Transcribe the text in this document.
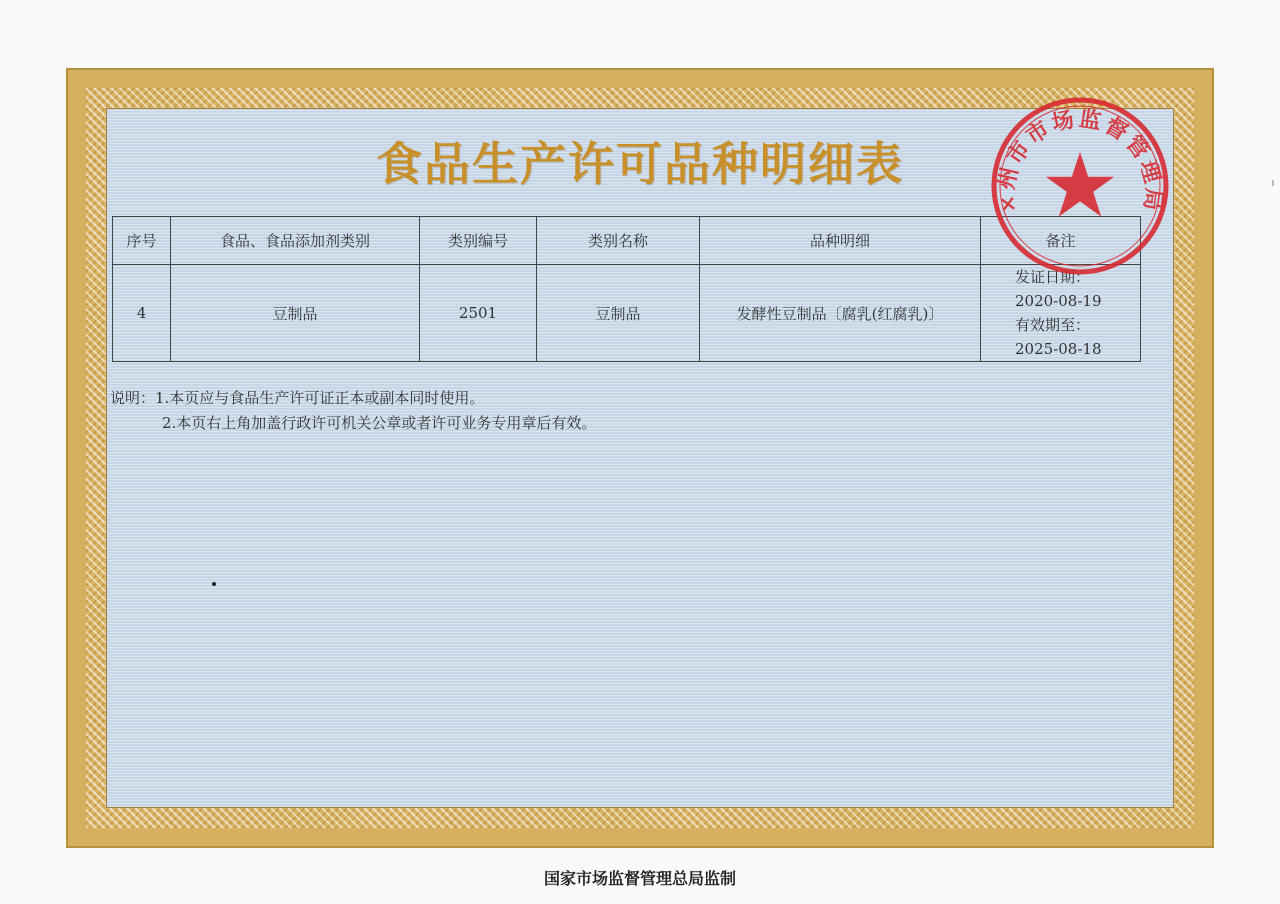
食品生产许可品种明细表
序号	食品、食品添加剂类别	类别编号	类别名称	品种明细	备注
4	豆制品	2501	豆制品	发酵性豆制品〔腐乳(红腐乳)〕	发证日期：
2020-08-19
有效期至：
2025-08-18
说明：1.本页应与食品生产许可证正本或副本同时使用。
2.本页右上角加盖行政许可机关公章或者许可业务专用章后有效。
×州市市场监督管理局
国家市场监督管理总局监制
